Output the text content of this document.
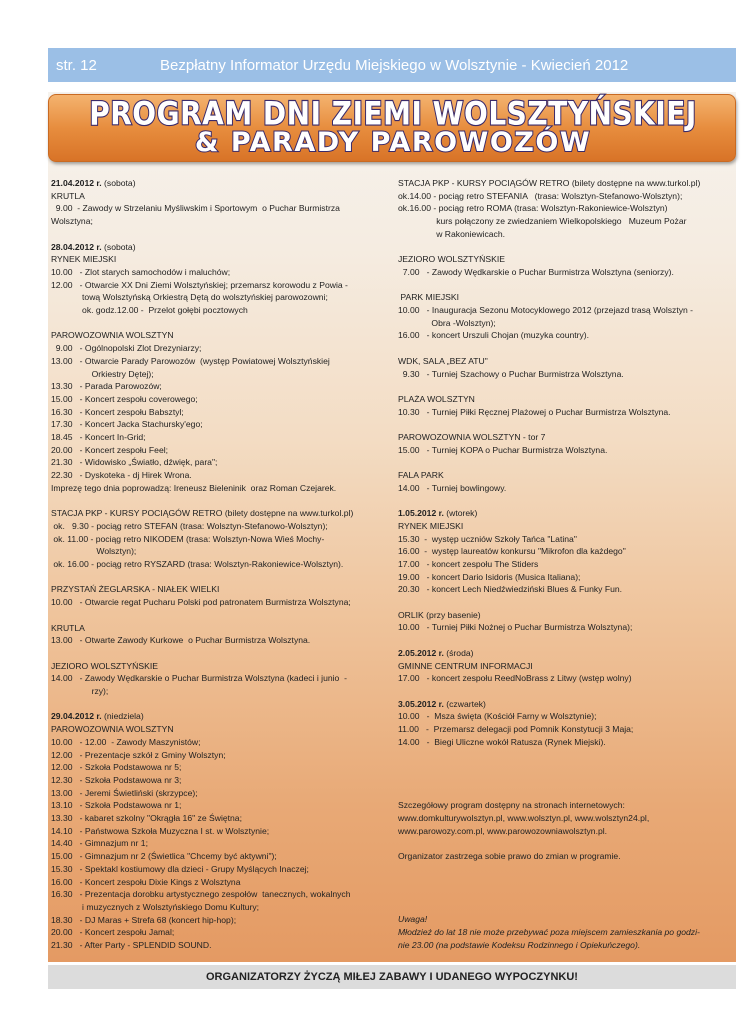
str. 12	Bezpłatny Informator Urzędu Miejskiego w Wolsztynie - Kwiecień 2012
PROGRAM DNI ZIEMI WOLSZTYŃSKIEJ
& PARADY PAROWOZÓW
21.04.2012 r. (sobota)
KRUTLA
9.00  - Zawody w Strzelaniu Myśliwskim i Sportowym  o Puchar Burmistrza
Wolsztyna;
28.04.2012 r. (sobota)
RYNEK MIEJSKI
10.00   - Zlot starych samochodów i maluchów;
12.00   - Otwarcie XX Dni Ziemi Wolsztyńskiej; przemarsz korowodu z Powia -
tową Wolsztyńską Orkiestrą Dętą do wolsztyńskiej parowozowni;
ok. godz.12.00 -  Przelot gołębi pocztowych
PAROWOZOWNIA WOLSZTYN
9.00   - Ogólnopolski Zlot Drezyniarzy;
13.00   - Otwarcie Parady Parowozów  (występ Powiatowej Wolsztyńskiej
Orkiestry Dętej);
13.30   - Parada Parowozów;
15.00   - Koncert zespołu coverowego;
16.30   - Koncert zespołu Babsztyl;
17.30   - Koncert Jacka Stachursky'ego;
18.45   - Koncert In-Grid;
20.00   - Koncert zespołu Feel;
21.30   - Widowisko „Światło, dźwięk, para";
22.30   - Dyskoteka - dj Hirek Wrona.
Imprezę tego dnia poprowadzą: Ireneusz Bieleninik  oraz Roman Czejarek.
STACJA PKP - KURSY POCIĄGÓW RETRO (bilety dostępne na www.turkol.pl)
ok.   9.30 - pociąg retro STEFAN (trasa: Wolsztyn-Stefanowo-Wolsztyn);
ok. 11.00 - pociąg retro NIKODEM (trasa: Wolsztyn-Nowa Wieś Mochy-
Wolsztyn);
ok. 16.00 - pociąg retro RYSZARD (trasa: Wolsztyn-Rakoniewice-Wolsztyn).
PRZYSTAŃ ŻEGLARSKA - NIAŁEK WIELKI
10.00   - Otwarcie regat Pucharu Polski pod patronatem Burmistrza Wolsztyna;
KRUTLA
13.00   - Otwarte Zawody Kurkowe  o Puchar Burmistrza Wolsztyna.
JEZIORO WOLSZTYŃSKIE
14.00   - Zawody Wędkarskie o Puchar Burmistrza Wolsztyna (kadeci i junio  -
rzy);
29.04.2012 r. (niedziela)
PAROWOZOWNIA WOLSZTYN
10.00   - 12.00  - Zawody Maszynistów;
12.00   - Prezentacje szkół z Gminy Wolsztyn;
12.00   - Szkoła Podstawowa nr 5;
12.30   - Szkoła Podstawowa nr 3;
13.00   - Jeremi Świetliński (skrzypce);
13.10   - Szkoła Podstawowa nr 1;
13.30   - kabaret szkolny "Okrągła 16" ze Świętna;
14.10   - Państwowa Szkoła Muzyczna I st. w Wolsztynie;
14.40   - Gimnazjum nr 1;
15.00   - Gimnazjum nr 2 (Świetlica "Chcemy być aktywni");
15.30   - Spektakl kostiumowy dla dzieci - Grupy Myślących Inaczej;
16.00   - Koncert zespołu Dixie Kings z Wolsztyna
16.30   - Prezentacja dorobku artystycznego zespołów  tanecznych, wokalnych
i muzycznych z Wolsztyńskiego Domu Kultury;
18.30   - DJ Maras + Strefa 68 (koncert hip-hop);
20.00   - Koncert zespołu Jamal;
21.30   - After Party - SPLENDID SOUND.
STACJA PKP - KURSY POCIĄGÓW RETRO (bilety dostępne na www.turkol.pl)
ok.14.00 - pociąg retro STEFANIA   (trasa: Wolsztyn-Stefanowo-Wolsztyn);
ok.16.00 - pociąg retro ROMA (trasa: Wolsztyn-Rakoniewice-Wolsztyn)
kurs połączony ze zwiedzaniem Wielkopolskiego   Muzeum Pożar
w Rakoniewicach.
JEZIORO WOLSZTYŃSKIE
7.00   - Zawody Wędkarskie o Puchar Burmistrza Wolsztyna (seniorzy).
PARK MIEJSKI
10.00   - Inauguracja Sezonu Motocyklowego 2012 (przejazd trasą Wolsztyn -
Obra -Wolsztyn);
16.00   - koncert Urszuli Chojan (muzyka country).
WDK, SALA „BEZ ATU"
9.30   - Turniej Szachowy o Puchar Burmistrza Wolsztyna.
PLAŻA WOLSZTYN
10.30   - Turniej Piłki Ręcznej Plażowej o Puchar Burmistrza Wolsztyna.
PAROWOZOWNIA WOLSZTYN - tor 7
15.00   - Turniej KOPA o Puchar Burmistrza Wolsztyna.
FALA PARK
14.00   - Turniej bowlingowy.
1.05.2012 r. (wtorek)
RYNEK MIEJSKI
15.30  -  występ uczniów Szkoły Tańca "Latina"
16.00  -  występ laureatów konkursu "Mikrofon dla każdego"
17.00   - koncert zespołu The Stiders
19.00   - koncert Dario Isidoris (Musica Italiana);
20.30   - koncert Lech Niedźwiedziński Blues & Funky Fun.
ORLIK (przy basenie)
10.00   - Turniej Piłki Nożnej o Puchar Burmistrza Wolsztyna);
2.05.2012 r. (środa)
GMINNE CENTRUM INFORMACJI
17.00   - koncert zespołu ReedNoBrass z Litwy (wstęp wolny)
3.05.2012 r. (czwartek)
10.00   -  Msza święta (Kościół Farny w Wolsztynie);
11.00   -  Przemarsz delegacji pod Pomnik Konstytucji 3 Maja;
14.00   -  Biegi Uliczne wokół Ratusza (Rynek Miejski).
Szczegółowy program dostępny na stronach internetowych:
www.domkulturywolsztyn.pl, www.wolsztyn.pl, www.wolsztyn24.pl,
www.parowozy.com.pl, www.parowozowniawolsztyn.pl.
Organizator zastrzega sobie prawo do zmian w programie.
Uwaga!
Młodzież do lat 18 nie może przebywać poza miejscem zamieszkania po godzi-
nie 23.00 (na podstawie Kodeksu Rodzinnego i Opiekuńczego).
ORGANIZATORZY ŻYCZĄ MIŁEJ ZABAWY I UDANEGO WYPOCZYNKU!
